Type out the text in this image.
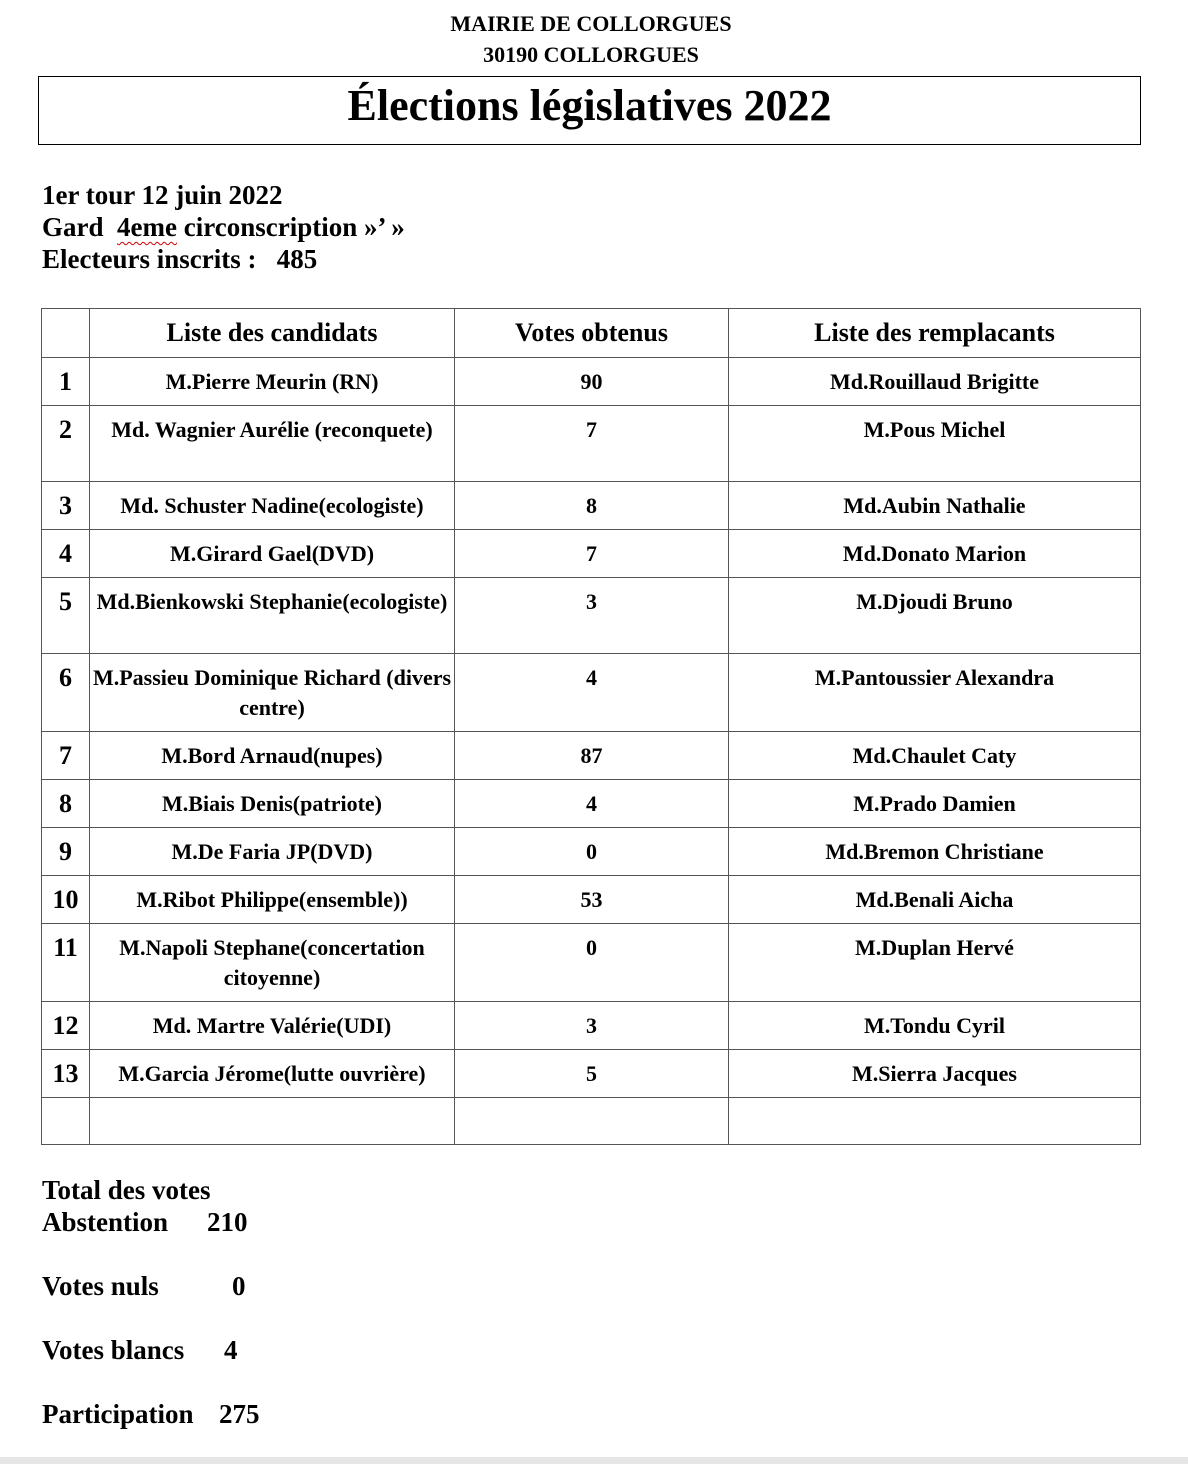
MAIRIE DE COLLORGUES
30190 COLLORGUES
Élections législatives 2022
1er tour 12 juin 2022
Gard  4eme circonscription »’ »
Electeurs inscrits :   485
	Liste des candidats	Votes obtenus	Liste des remplacants
1	M.Pierre Meurin (RN)	90	Md.Rouillaud Brigitte
2	Md. Wagnier Aurélie (reconquete)	7	M.Pous Michel
3	Md. Schuster Nadine(ecologiste)	8	Md.Aubin Nathalie
4	M.Girard Gael(DVD)	7	Md.Donato Marion
5	Md.Bienkowski Stephanie(ecologiste)	3	M.Djoudi Bruno
6	M.Passieu Dominique Richard (divers centre)	4	M.Pantoussier Alexandra
7	M.Bord Arnaud(nupes)	87	Md.Chaulet Caty
8	M.Biais Denis(patriote)	4	M.Prado Damien
9	M.De Faria JP(DVD)	0	Md.Bremon Christiane
10	M.Ribot Philippe(ensemble))	53	Md.Benali Aicha
11	M.Napoli Stephane(concertation citoyenne)	0	M.Duplan Hervé
12	Md. Martre Valérie(UDI)	3	M.Tondu Cyril
13	M.Garcia Jérome(lutte ouvrière)	5	M.Sierra Jacques

Total des votes
Abstention 210
Votes nuls	0
Votes blancs 4
Participation 275
